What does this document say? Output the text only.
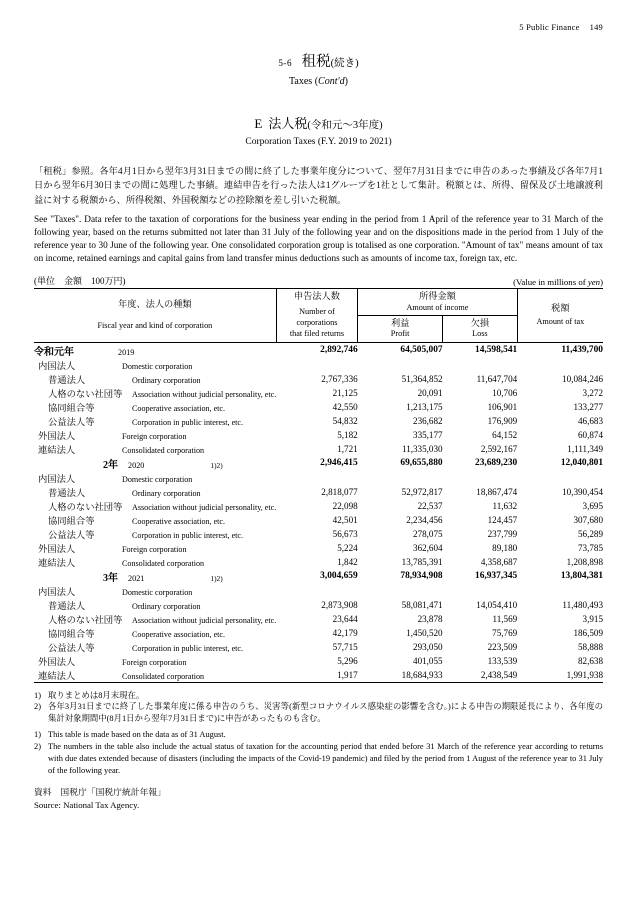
5 Public Finance 149
5-6 租税(続き)
Taxes (Cont'd)
E 法人税(令和元～3年度)
Corporation Taxes (F.Y. 2019 to 2021)
「租税」参照。各年4月1日から翌年3月31日までの間に終了した事業年度分について、翌年7月31日までに申告のあった事績及び各年7月1日から翌年6月30日までの間に処理した事績。連結申告を行った法人は1グループを1社として集計。税額とは、所得、留保及び土地譲渡利益に対する税額から、所得税額、外国税額などの控除額を差し引いた税額。
See "Taxes". Data refer to the taxation of corporations for the business year ending in the period from 1 April of the reference year to 31 March of the following year, based on the returns submitted not later than 31 July of the following year and on the dispositions made in the period from 1 July of the reference year to 30 June of the following year. One consolidated corporation group is totalised as one corporation. "Amount of tax" means amount of tax on income, retained earnings and capital gains from land transfer minus deductions such as amounts of income tax, foreign tax, etc.
(単位　金額　100万円)	(Value in millions of yen)
年度、法人の種類
Fiscal year and kind of corporation

申告法人数
Number of
corporations
that filed returns

所得金額

税額
Amount of tax

		Amount of income		

利益
Profit

欠損
Loss

令和元年 2019	2,892,746	64,505,007	14,598,541	11,439,700

内国法人 Domestic corporation				

普通法人 Ordinary corporation	2,767,336	51,364,852	11,647,704	10,084,246

人格のない社団等 Association without judicial personality, etc.	21,125	20,091	10,706	3,272

協同組合等 Cooperative association, etc.	42,550	1,213,175	106,901	133,277

公益法人等 Corporation in public interest, etc.	54,832	236,682	176,909	46,683

外国法人 Foreign corporation	5,182	335,177	64,152	60,874

連結法人 Consolidated corporation	1,721	11,335,030	2,592,167	1,111,349

2年 2020 1)2)	2,946,415	69,655,880	23,689,230	12,040,801

内国法人 Domestic corporation				

普通法人 Ordinary corporation	2,818,077	52,972,817	18,867,474	10,390,454

人格のない社団等 Association without judicial personality, etc.	22,098	22,537	11,632	3,695

協同組合等 Cooperative association, etc.	42,501	2,234,456	124,457	307,680

公益法人等 Corporation in public interest, etc.	56,673	278,075	237,799	56,289

外国法人 Foreign corporation	5,224	362,604	89,180	73,785

連結法人 Consolidated corporation	1,842	13,785,391	4,358,687	1,208,898

3年 2021 1)2)	3,004,659	78,934,908	16,937,345	13,804,381

内国法人 Domestic corporation				

普通法人 Ordinary corporation	2,873,908	58,081,471	14,054,410	11,480,493

人格のない社団等 Association without judicial personality, etc.	23,644	23,878	11,569	3,915

協同組合等 Cooperative association, etc.	42,179	1,450,520	75,769	186,509

公益法人等 Corporation in public interest, etc.	57,715	293,050	223,509	58,888

外国法人 Foreign corporation	5,296	401,055	133,539	82,638

連結法人 Consolidated corporation	1,917	18,684,933	2,438,549	1,991,938
1) 取りまとめは8月末現在。
2) 各年3月31日までに終了した事業年度に係る申告のうち、災害等(新型コロナウイルス感染症の影響を含む。)による申告の期限延長により、各年度の集計対象期間中(8月1日から翌年7月31日まで)に申告があったものも含む。
1) This table is made based on the data as of 31 August.
2) The numbers in the table also include the actual status of taxation for the accounting period that ended before 31 March of the reference year according to returns with due dates extended because of disasters (including the impacts of the Covid-19 pandemic) and filed by the period from 1 August of the reference year to 31 July of the following year.
資料　国税庁「国税庁統計年報」
Source: National Tax Agency.
